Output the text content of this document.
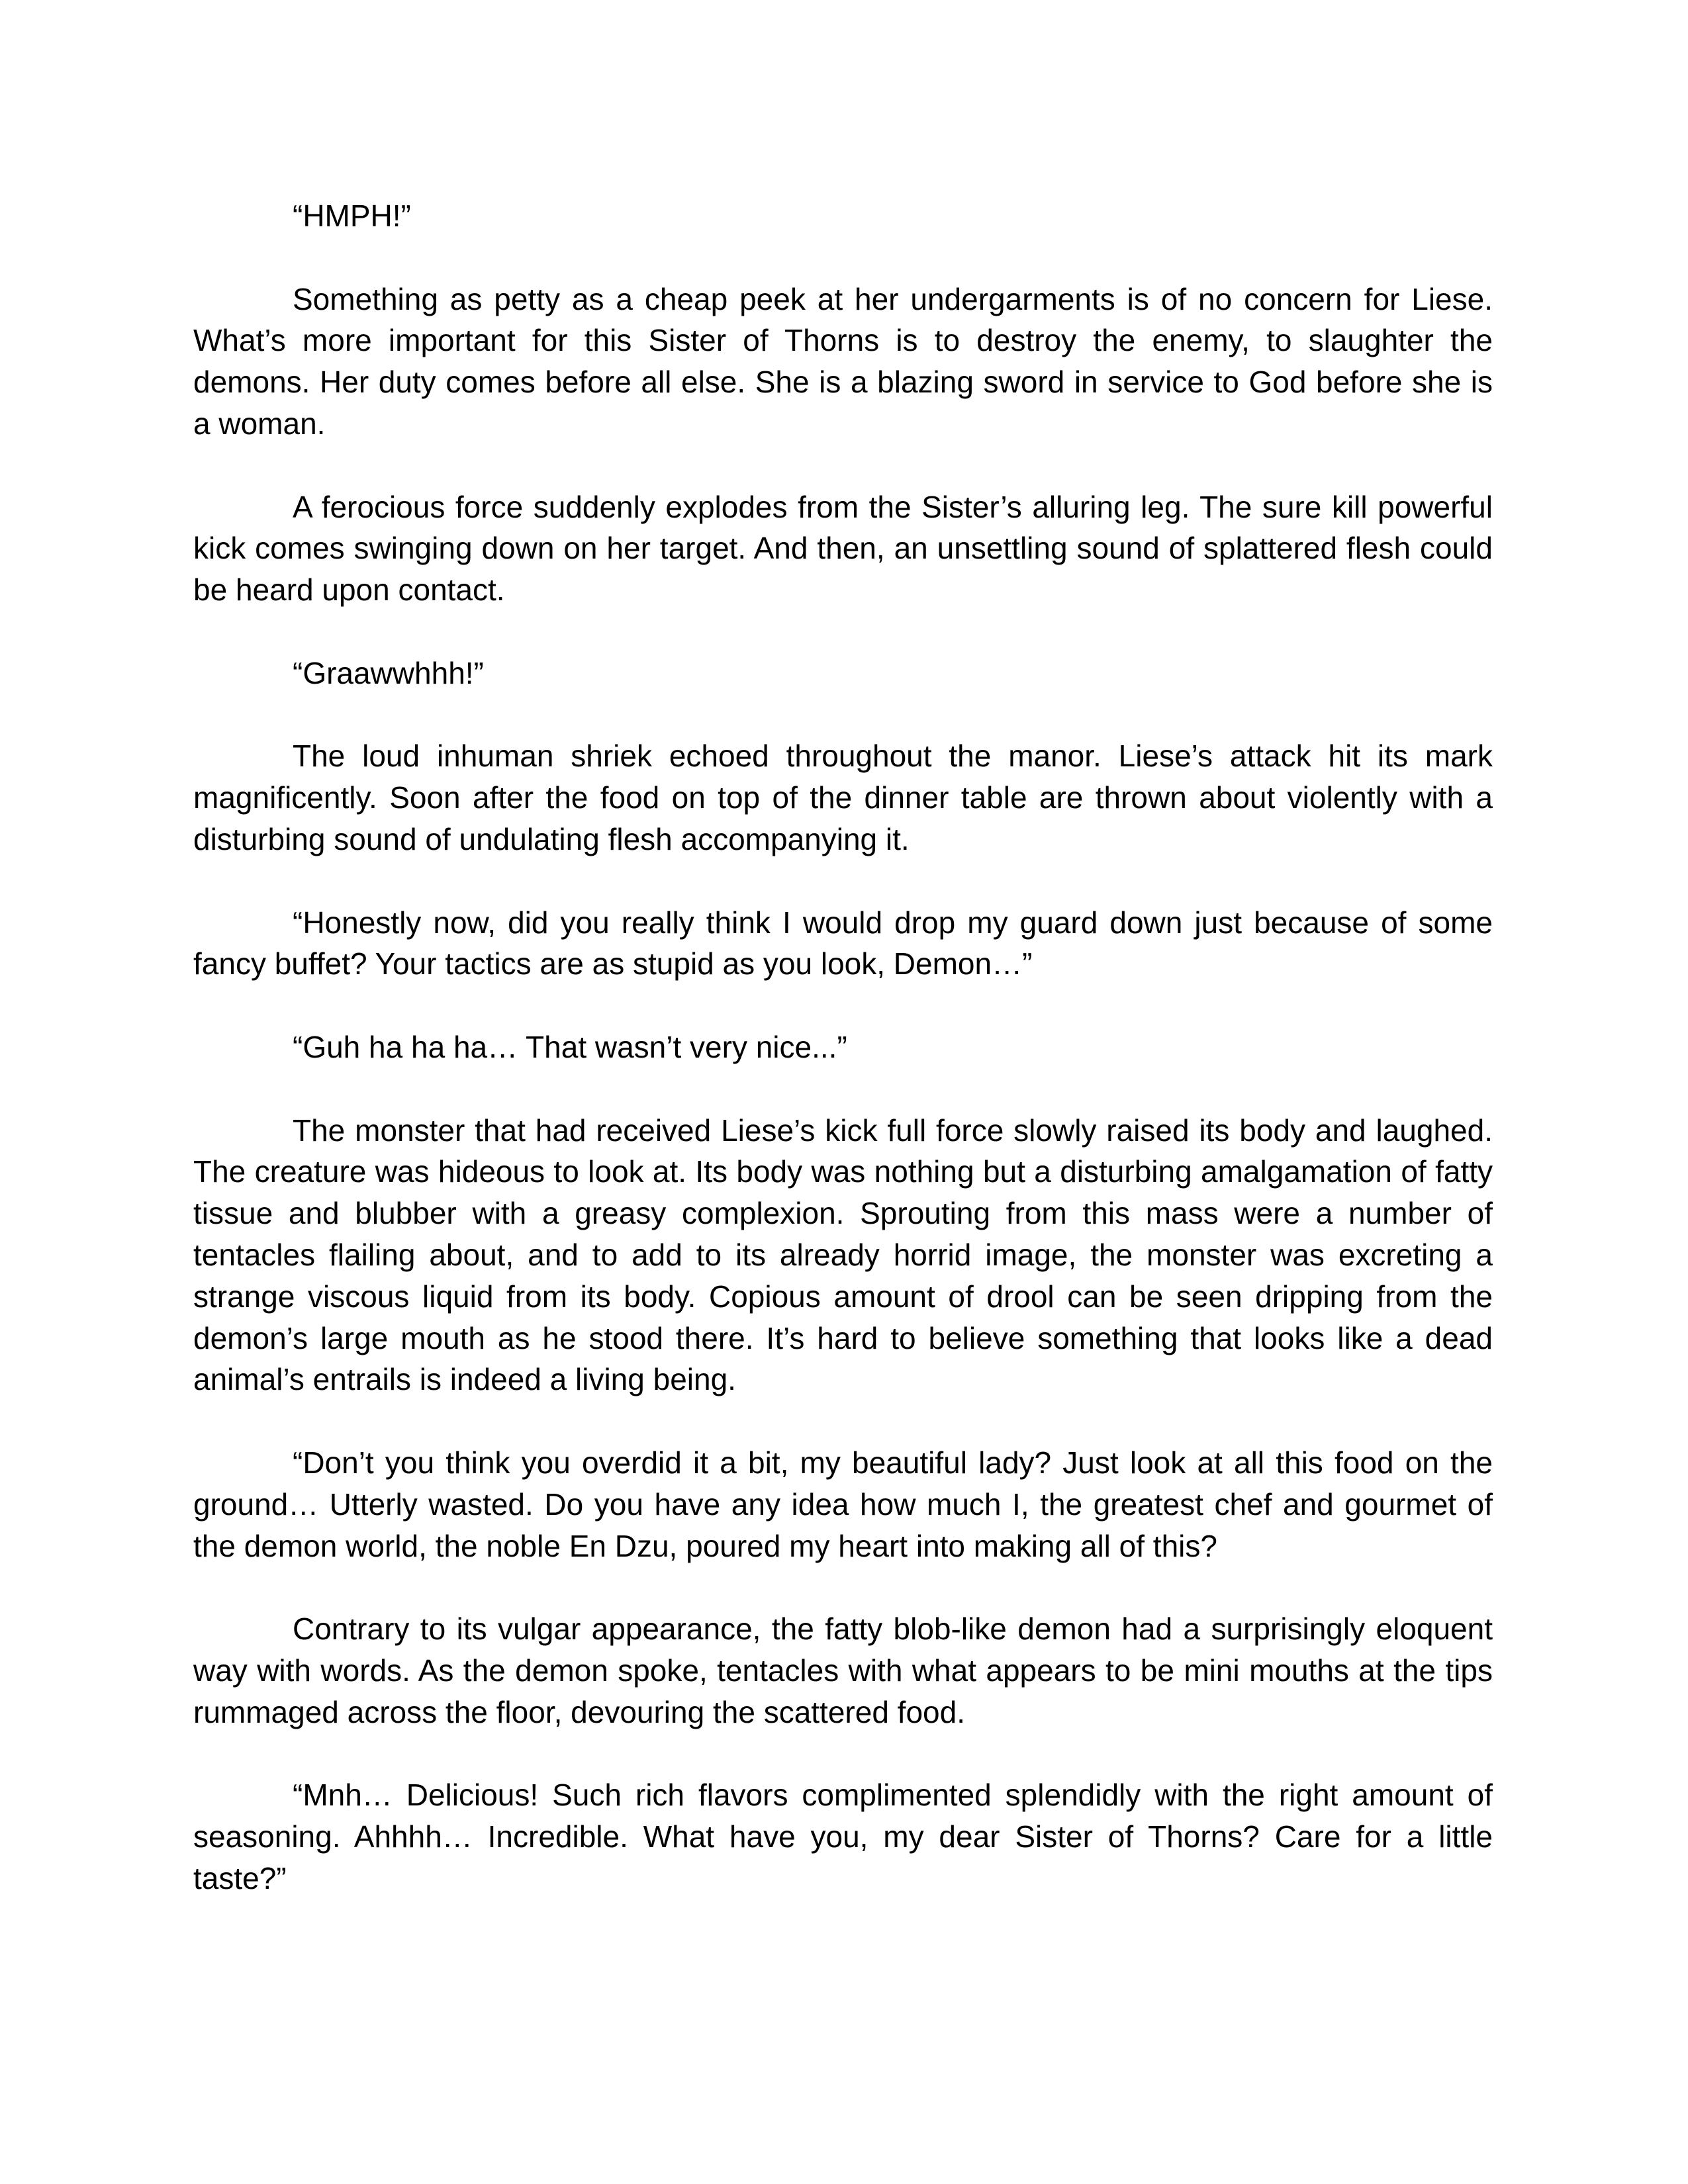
“HMPH!”

Something as petty as a cheap peek at her undergarments is of no concern for Liese. What’s more important for this Sister of Thorns is to destroy the enemy, to slaughter the demons. Her duty comes before all else. She is a blazing sword in service to God before she is a woman.

A ferocious force suddenly explodes from the Sister’s alluring leg. The sure kill powerful kick comes swinging down on her target. And then, an unsettling sound of splattered flesh could be heard upon contact.

“Graawwhhh!”

The loud inhuman shriek echoed throughout the manor. Liese’s attack hit its mark magnificently. Soon after the food on top of the dinner table are thrown about violently with a disturbing sound of undulating flesh accompanying it.

“Honestly now, did you really think I would drop my guard down just because of some fancy buffet? Your tactics are as stupid as you look, Demon…”

“Guh ha ha ha… That wasn’t very nice...”

The monster that had received Liese’s kick full force slowly raised its body and laughed. The creature was hideous to look at. Its body was nothing but a disturbing amalgamation of fatty tissue and blubber with a greasy complexion. Sprouting from this mass were a number of tentacles flailing about, and to add to its already horrid image, the monster was excreting a strange viscous liquid from its body. Copious amount of drool can be seen dripping from the demon’s large mouth as he stood there. It’s hard to believe something that looks like a dead animal’s entrails is indeed a living being.

“Don’t you think you overdid it a bit, my beautiful lady? Just look at all this food on the ground… Utterly wasted. Do you have any idea how much I, the greatest chef and gourmet of the demon world, the noble En Dzu, poured my heart into making all of this?

Contrary to its vulgar appearance, the fatty blob-like demon had a surprisingly eloquent way with words. As the demon spoke, tentacles with what appears to be mini mouths at the tips rummaged across the floor, devouring the scattered food.

“Mnh… Delicious! Such rich flavors complimented splendidly with the right amount of seasoning. Ahhhh… Incredible. What have you, my dear Sister of Thorns? Care for a little taste?”
